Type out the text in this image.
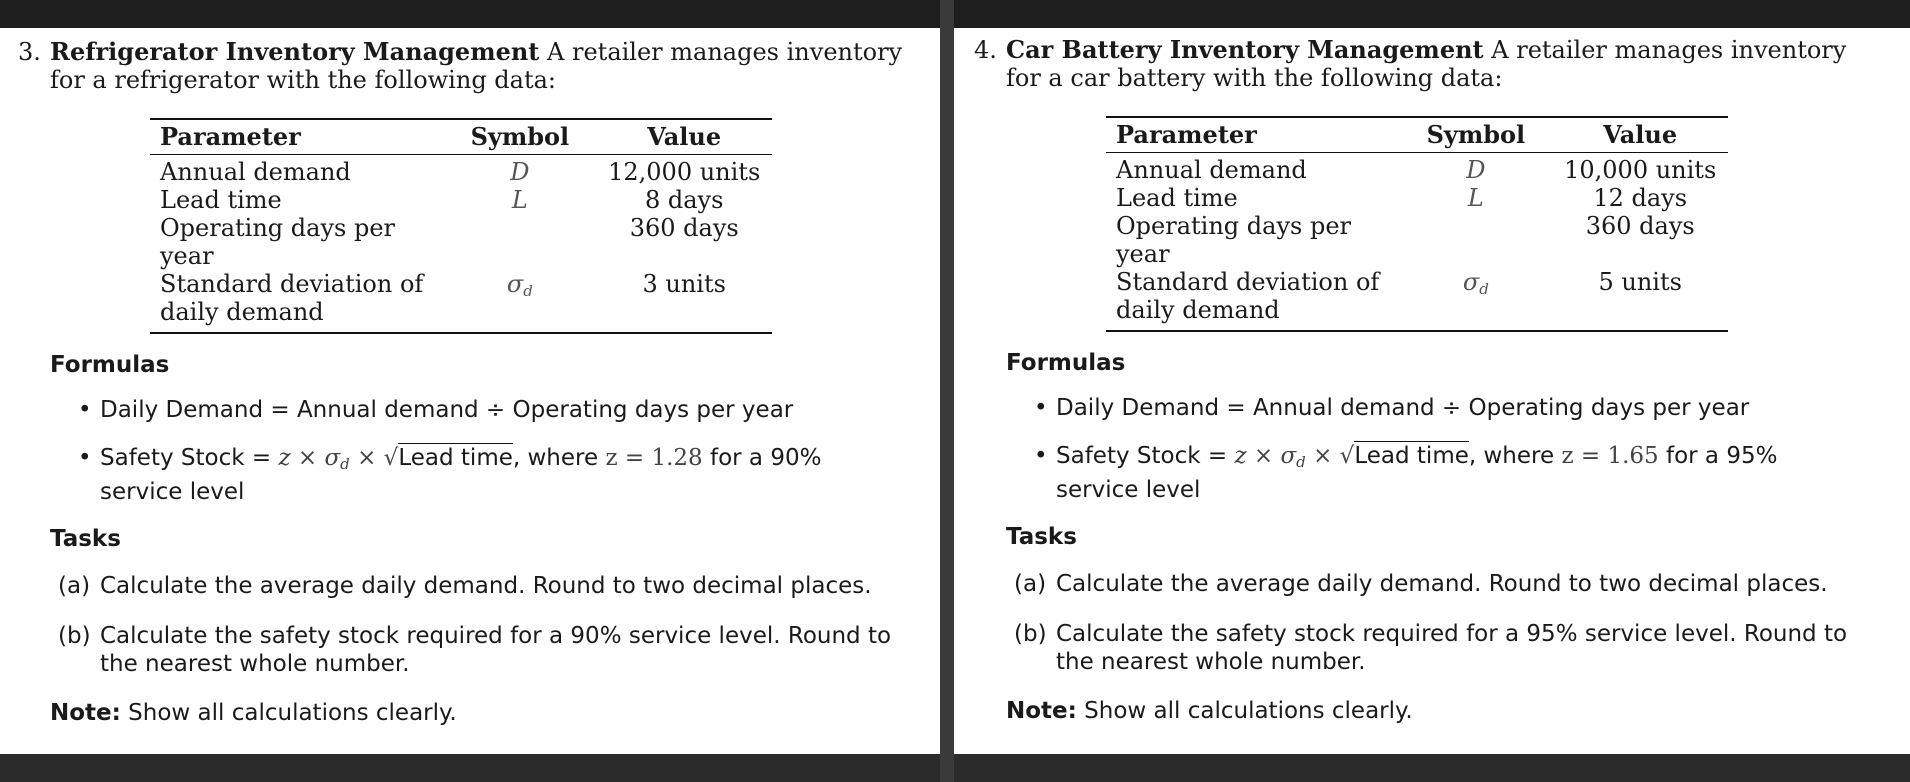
3. Refrigerator Inventory Management A retailer manages inventory for a refrigerator with the following data:
Parameter	Symbol	Value
Annual demand	D	12,000 units
Lead time	L	8 days
Operating days per year		360 days
Standard deviation of daily demand	$\sigma_d$	3 units
Formulas
• Daily Demand = Annual demand ÷ Operating days per year
• Safety Stock = $z \times \sigma_d$ × √Lead time, where z = 1.28 for a 90% service level
Tasks
(a) Calculate the average daily demand. Round to two decimal places.
(b) Calculate the safety stock required for a 90% service level. Round to the nearest whole number.
Note: Show all calculations clearly.
4. Car Battery Inventory Management A retailer manages inventory for a car battery with the following data:
Parameter	Symbol	Value
Annual demand	D	10,000 units
Lead time	L	12 days
Operating days per year		360 days
Standard deviation of daily demand	$\sigma_d$	5 units
Formulas
• Daily Demand = Annual demand ÷ Operating days per year
• Safety Stock = $z \times \sigma_d$ × √Lead time, where z = 1.65 for a 95% service level
Tasks
(a) Calculate the average daily demand. Round to two decimal places.
(b) Calculate the safety stock required for a 95% service level. Round to the nearest whole number.
Note: Show all calculations clearly.
